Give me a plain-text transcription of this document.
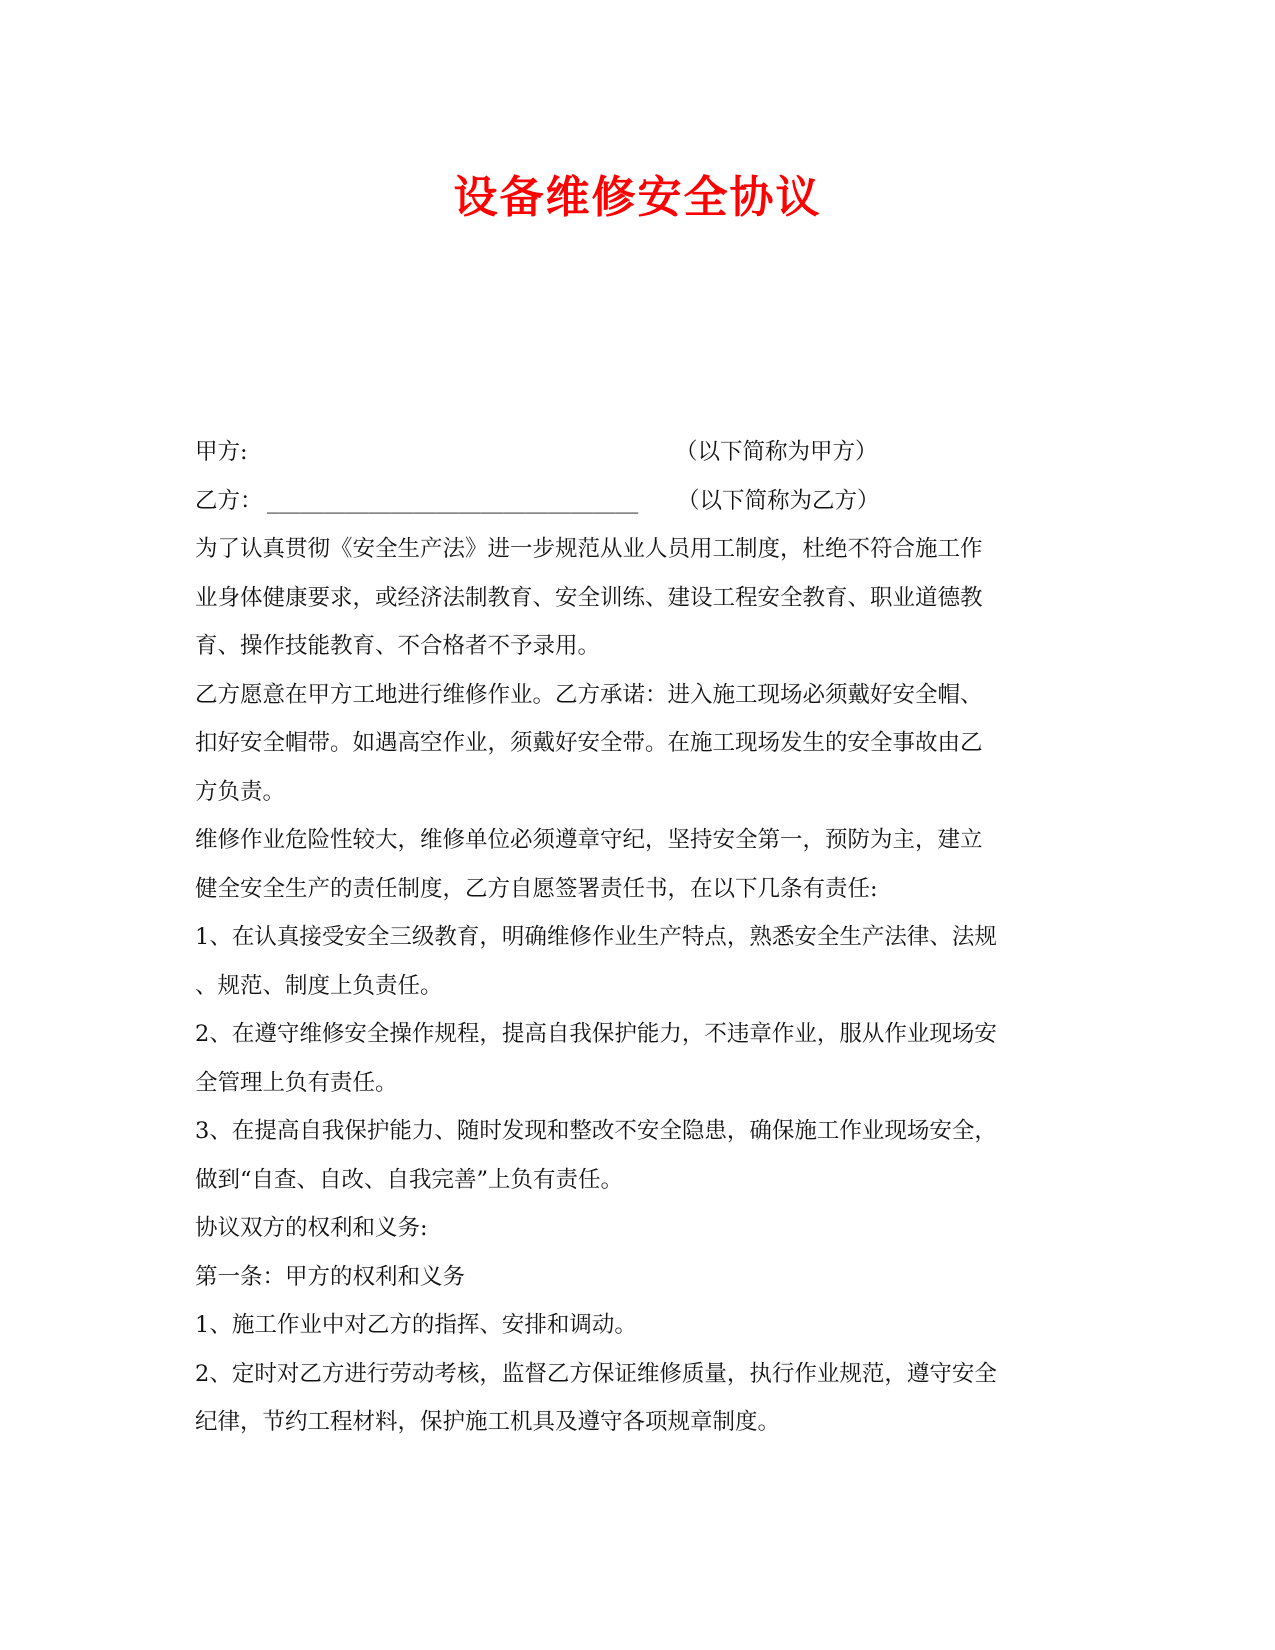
设备维修安全协议
甲方:	（以下简称为甲方）
乙方： _________________________________ （以下简称为乙方）
为了认真贯彻《安全生产法》进一步规范从业人员用工制度，杜绝不符合施工作
业身体健康要求，或经济法制教育、安全训练、建设工程安全教育、职业道德教
育、操作技能教育、不合格者不予录用。
乙方愿意在甲方工地进行维修作业。乙方承诺：进入施工现场必须戴好安全帽、
扣好安全帽带。如遇高空作业，须戴好安全带。在施工现场发生的安全事故由乙
方负责。
维修作业危险性较大，维修单位必须遵章守纪，坚持安全第一，预防为主，建立
健全安全生产的责任制度，乙方自愿签署责任书，在以下几条有责任:
1、在认真接受安全三级教育，明确维修作业生产特点，熟悉安全生产法律、法规
、规范、制度上负责任。
2、在遵守维修安全操作规程，提高自我保护能力，不违章作业，服从作业现场安
全管理上负有责任。
3、在提高自我保护能力、随时发现和整改不安全隐患，确保施工作业现场安全，
做到“自查、自改、自我完善”上负有责任。
协议双方的权利和义务:
第一条：甲方的权利和义务
1、施工作业中对乙方的指挥、安排和调动。
2、定时对乙方进行劳动考核，监督乙方保证维修质量，执行作业规范，遵守安全
纪律，节约工程材料，保护施工机具及遵守各项规章制度。
